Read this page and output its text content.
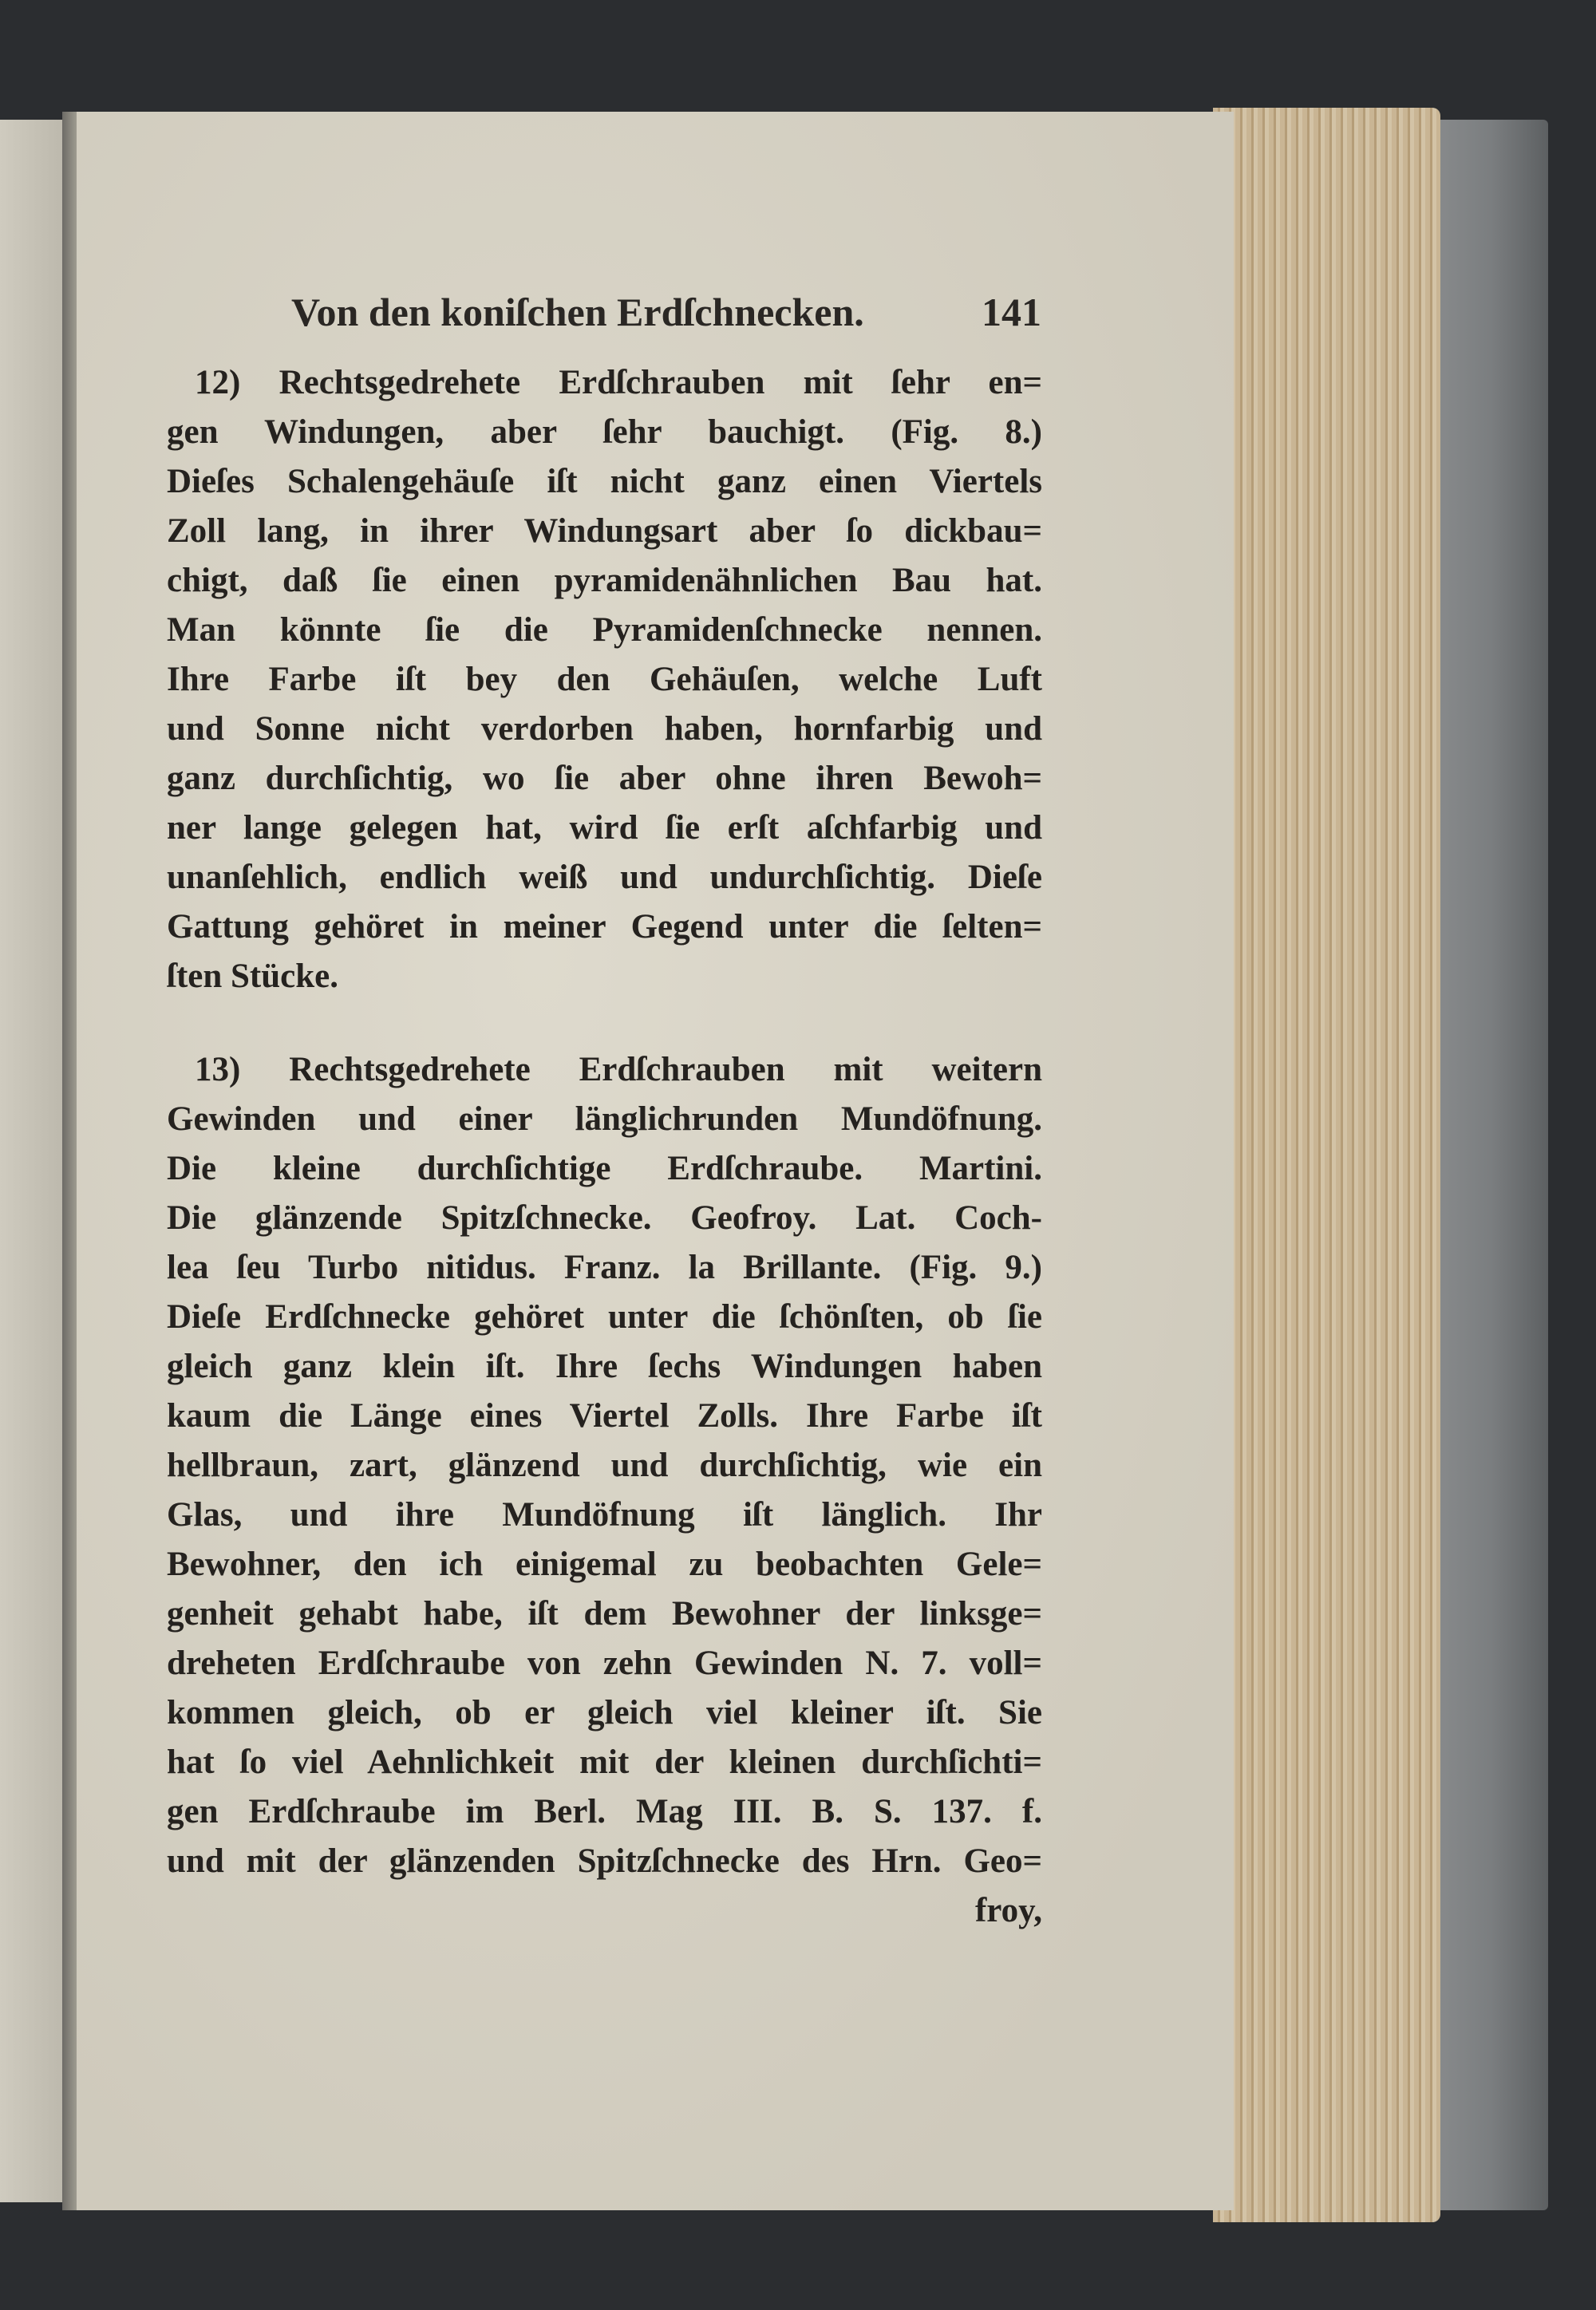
Von den koniſchen Erdſchnecken.	141
12) Rechtsgedrehete Erdſchrauben mit ſehr en=
gen Windungen, aber ſehr bauchigt. (Fig. 8.)
Dieſes Schalengehäuſe iſt nicht ganz einen Viertels
Zoll lang, in ihrer Windungsart aber ſo dickbau=
chigt, daß ſie einen pyramidenähnlichen Bau hat.
Man könnte ſie die Pyramidenſchnecke nennen.
Ihre Farbe iſt bey den Gehäuſen, welche Luft
und Sonne nicht verdorben haben, hornfarbig und
ganz durchſichtig, wo ſie aber ohne ihren Bewoh=
ner lange gelegen hat, wird ſie erſt aſchfarbig und
unanſehlich, endlich weiß und undurchſichtig. Dieſe
Gattung gehöret in meiner Gegend unter die ſelten=
ſten Stücke.
13) Rechtsgedrehete Erdſchrauben mit weitern
Gewinden und einer länglichrunden Mundöfnung.
Die kleine durchſichtige Erdſchraube. Martini.
Die glänzende Spitzſchnecke. Geofroy. Lat. Coch-
lea ſeu Turbo nitidus. Franz. la Brillante. (Fig. 9.)
Dieſe Erdſchnecke gehöret unter die ſchönſten, ob ſie
gleich ganz klein iſt. Ihre ſechs Windungen haben
kaum die Länge eines Viertel Zolls. Ihre Farbe iſt
hellbraun, zart, glänzend und durchſichtig, wie ein
Glas, und ihre Mundöfnung iſt länglich. Ihr
Bewohner, den ich einigemal zu beobachten Gele=
genheit gehabt habe, iſt dem Bewohner der linksge=
dreheten Erdſchraube von zehn Gewinden N. 7. voll=
kommen gleich, ob er gleich viel kleiner iſt. Sie
hat ſo viel Aehnlichkeit mit der kleinen durchſichti=
gen Erdſchraube im Berl. Mag III. B. S. 137. f.
und mit der glänzenden Spitzſchnecke des Hrn. Geo=
froy,
